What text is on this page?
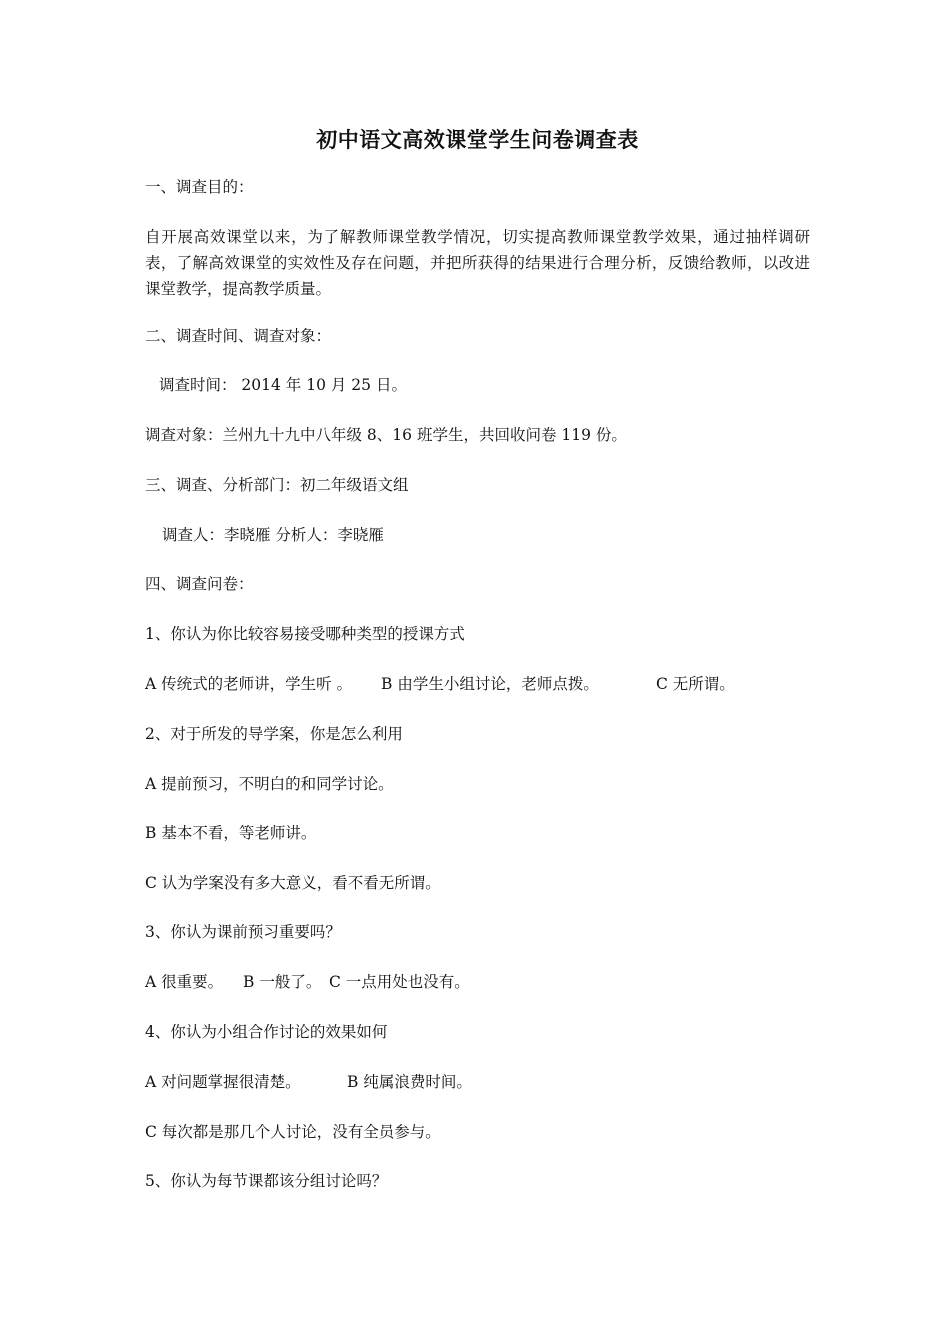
初中语文高效课堂学生问卷调查表
一、调查目的：
自开展高效课堂以来，为了解教师课堂教学情况，切实提高教师课堂教学效果，通过抽样调研表，了解高效课堂的实效性及存在问题，并把所获得的结果进行合理分析，反馈给教师，以改进课堂教学，提高教学质量。
二、调查时间、调查对象：
调查时间： 2014 年 10 月 25 日。
调查对象：兰州九十九中八年级 8、16 班学生，共回收问卷 119 份。
三、调查、分析部门：初二年级语文组
调查人：李晓雁 分析人：李晓雁
四、调查问卷：
1、你认为你比较容易接受哪种类型的授课方式
A 传统式的老师讲，学生听 。 B 由学生小组讨论，老师点拨。	C 无所谓。
2、对于所发的导学案，你是怎么利用
A 提前预习，不明白的和同学讨论。
B 基本不看，等老师讲。
C 认为学案没有多大意义，看不看无所谓。
3、你认为课前预习重要吗？
A 很重要。 B 一般了。 C 一点用处也没有。
4、你认为小组合作讨论的效果如何
A 对问题掌握很清楚。	B 纯属浪费时间。
C 每次都是那几个人讨论，没有全员参与。
5、你认为每节课都该分组讨论吗？
